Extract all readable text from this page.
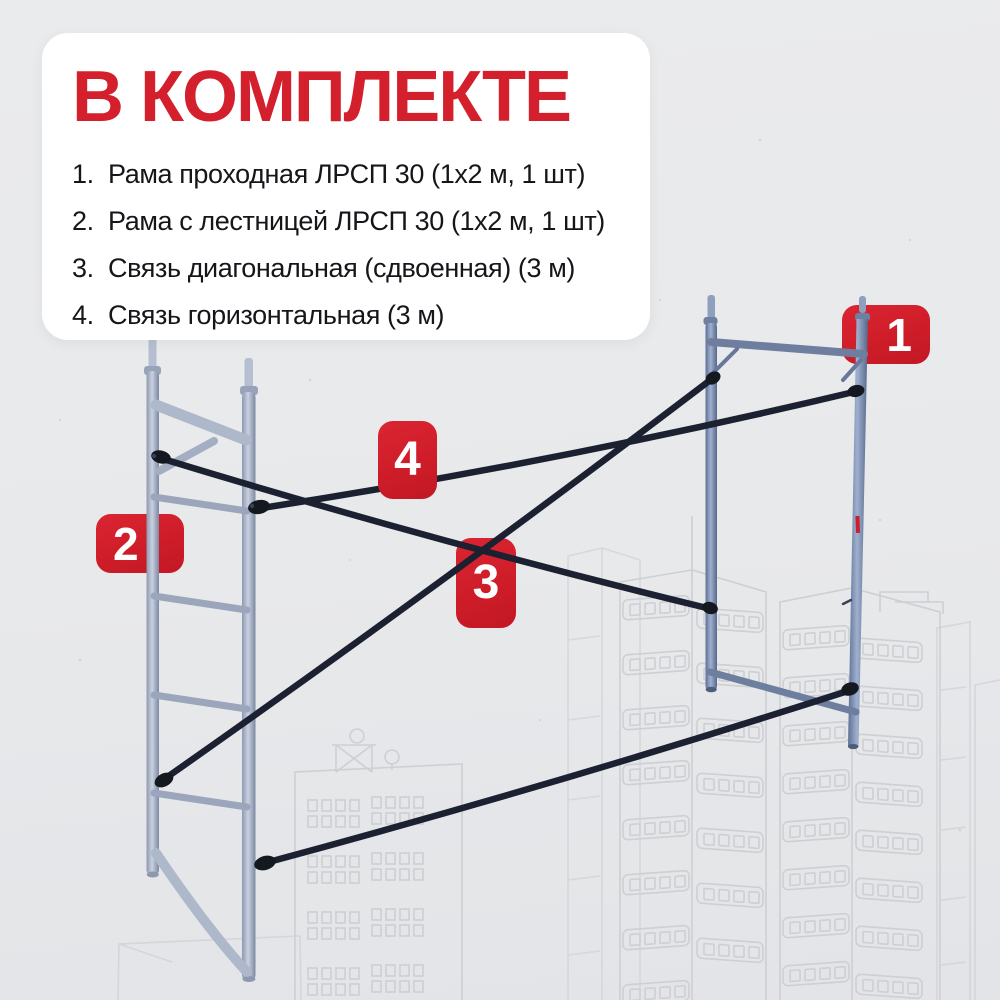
1
2
3
4
В КОМПЛЕКТЕ
1. Рама проходная ЛРСП 30 (1х2 м, 1 шт)
2. Рама с лестницей ЛРСП 30 (1х2 м, 1 шт)
3. Связь диагональная (сдвоенная) (3 м)
4. Связь горизонтальная (3 м)
